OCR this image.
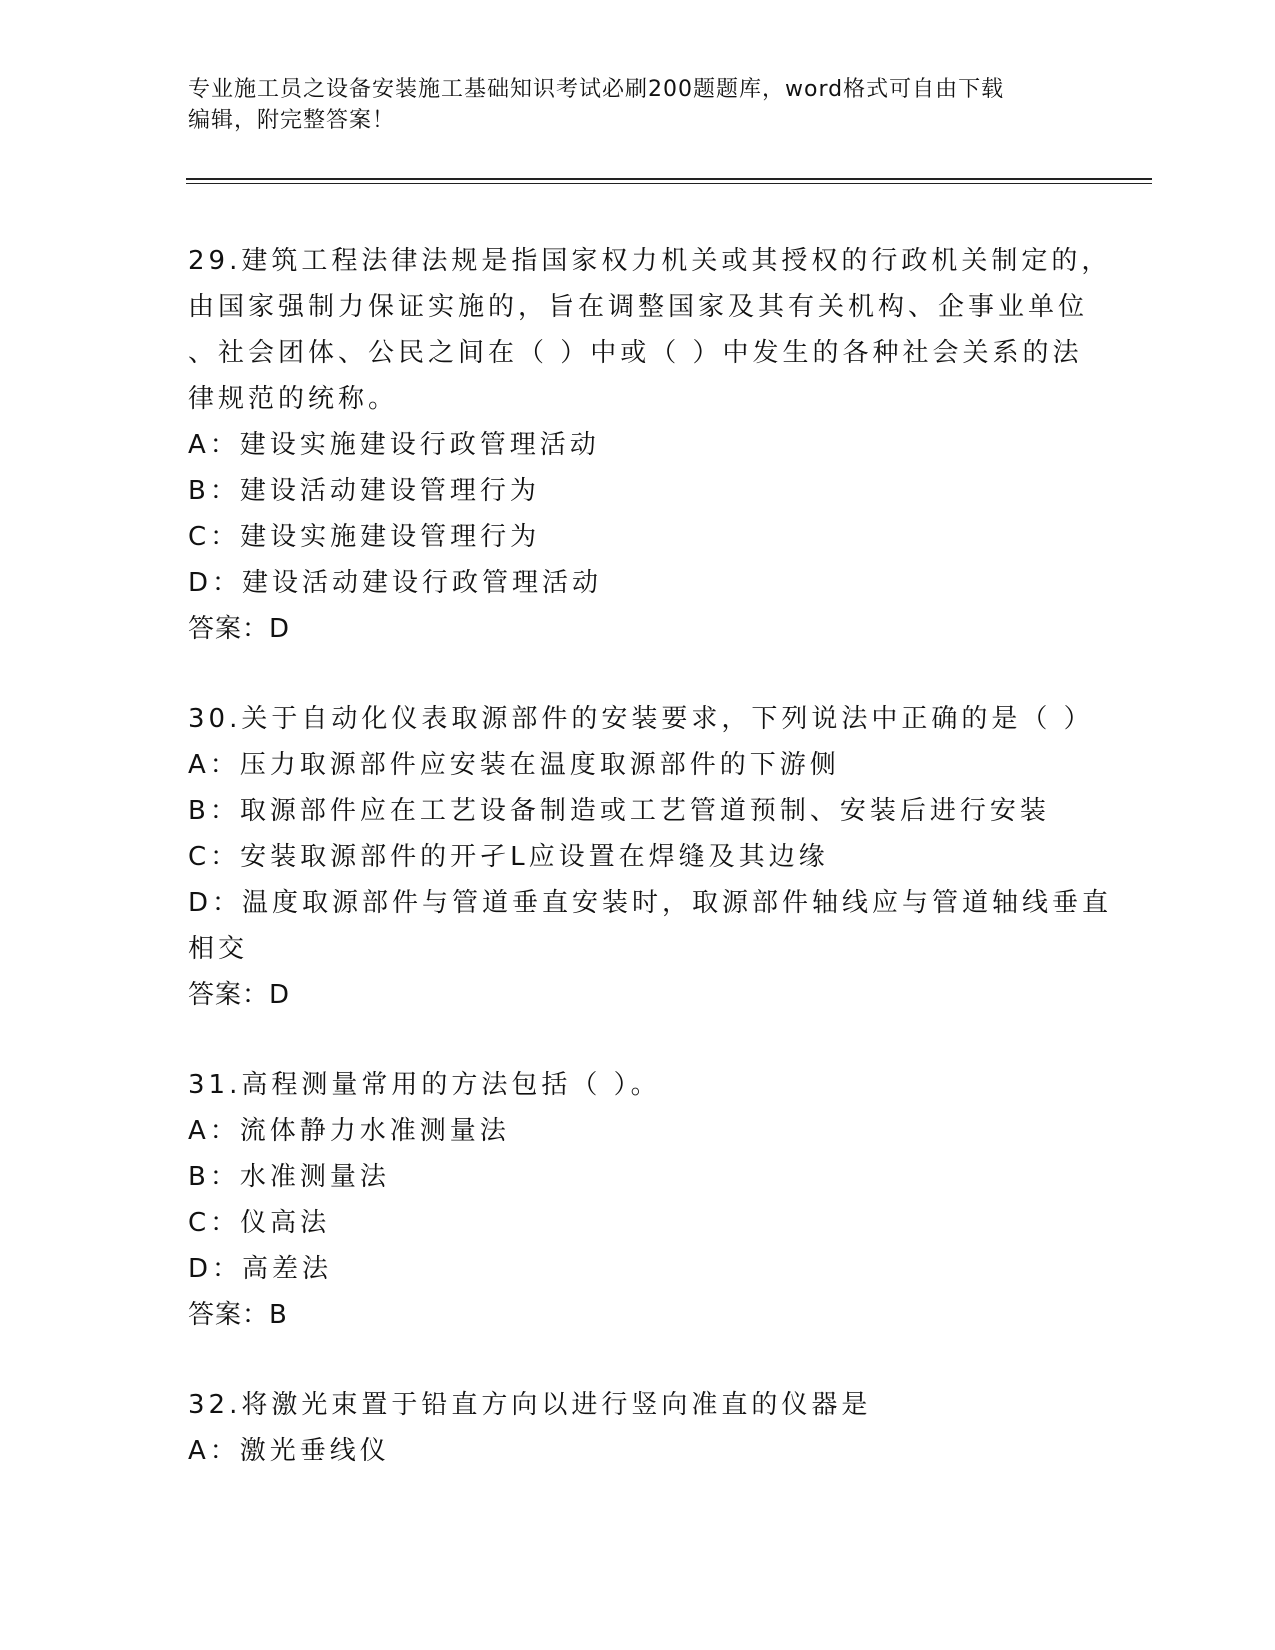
专业施工员之设备安装施工基础知识考试必刷200题题库，word格式可自由下载
编辑，附完整答案！
29.建筑工程法律法规是指国家权力机关或其授权的行政机关制定的，
由国家强制力保证实施的，旨在调整国家及其有关机构、企事业单位
、社会团体、公民之间在（ ）中或（ ）中发生的各种社会关系的法
律规范的统称。
A：建设实施建设行政管理活动
B：建设活动建设管理行为
C：建设实施建设管理行为
D：建设活动建设行政管理活动
答案：D
30.关于自动化仪表取源部件的安装要求，下列说法中正确的是（ ）
A：压力取源部件应安装在温度取源部件的下游侧
B：取源部件应在工艺设备制造或工艺管道预制、安装后进行安装
C：安装取源部件的开孑L应设置在焊缝及其边缘
D：温度取源部件与管道垂直安装时，取源部件轴线应与管道轴线垂直
相交
答案：D
31.高程测量常用的方法包括（ ）。
A：流体静力水准测量法
B：水准测量法
C：仪高法
D：高差法
答案：B
32.将激光束置于铅直方向以进行竖向准直的仪器是
A：激光垂线仪
